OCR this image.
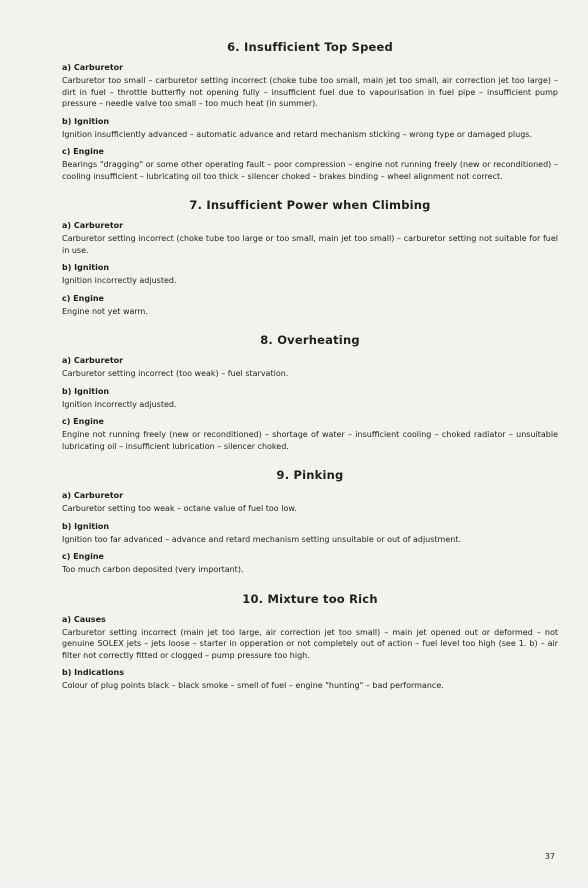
6. Insufficient Top Speed
a) Carburetor

Carburetor too small – carburetor setting incorrect (choke tube too small, main jet too small, air correction jet too large) – dirt in fuel – throttle butterfly not opening fully – insufficient fuel due to vapourisation in fuel pipe – insufficient pump pressure – needle valve too small – too much heat (in summer).

b) Ignition

Ignition insufficiently advanced – automatic advance and retard mechanism sticking – wrong type or damaged plugs.

c) Engine

Bearings "dragging" or some other operating fault – poor compression – engine not running freely (new or reconditioned) – cooling insufficient – lubricating oil too thick – silencer choked – brakes binding – wheel alignment not correct.

7. Insufficient Power when Climbing
a) Carburetor

Carburetor setting incorrect (choke tube too large or too small, main jet too small) – carburetor setting not suitable for fuel in use.

b) Ignition

Ignition incorrectly adjusted.

c) Engine

Engine not yet warm.

8. Overheating
a) Carburetor

Carburetor setting incorrect (too weak) – fuel starvation.

b) Ignition

Ignition incorrectly adjusted.

c) Engine

Engine not running freely (new or reconditioned) – shortage of water – insufficient cooling – choked radiator – unsuitable lubricating oil – insufficient lubrication – silencer choked.

9. Pinking
a) Carburetor

Carburetor setting too weak – octane value of fuel too low.

b) Ignition

Ignition too far advanced – advance and retard mechanism setting unsuitable or out of adjustment.

c) Engine

Too much carbon deposited (very important).

10. Mixture too Rich
a) Causes

Carburetor setting incorrect (main jet too large, air correction jet too small) – main jet opened out or deformed – not genuine SOLEX jets – jets loose – starter in opperation or not completely out of action – fuel level too high (see 1. b) – air filter not correctly fitted or clogged – pump pressure too high.

b) Indications

Colour of plug points black – black smoke – smell of fuel – engine "hunting" – bad performance.

37
